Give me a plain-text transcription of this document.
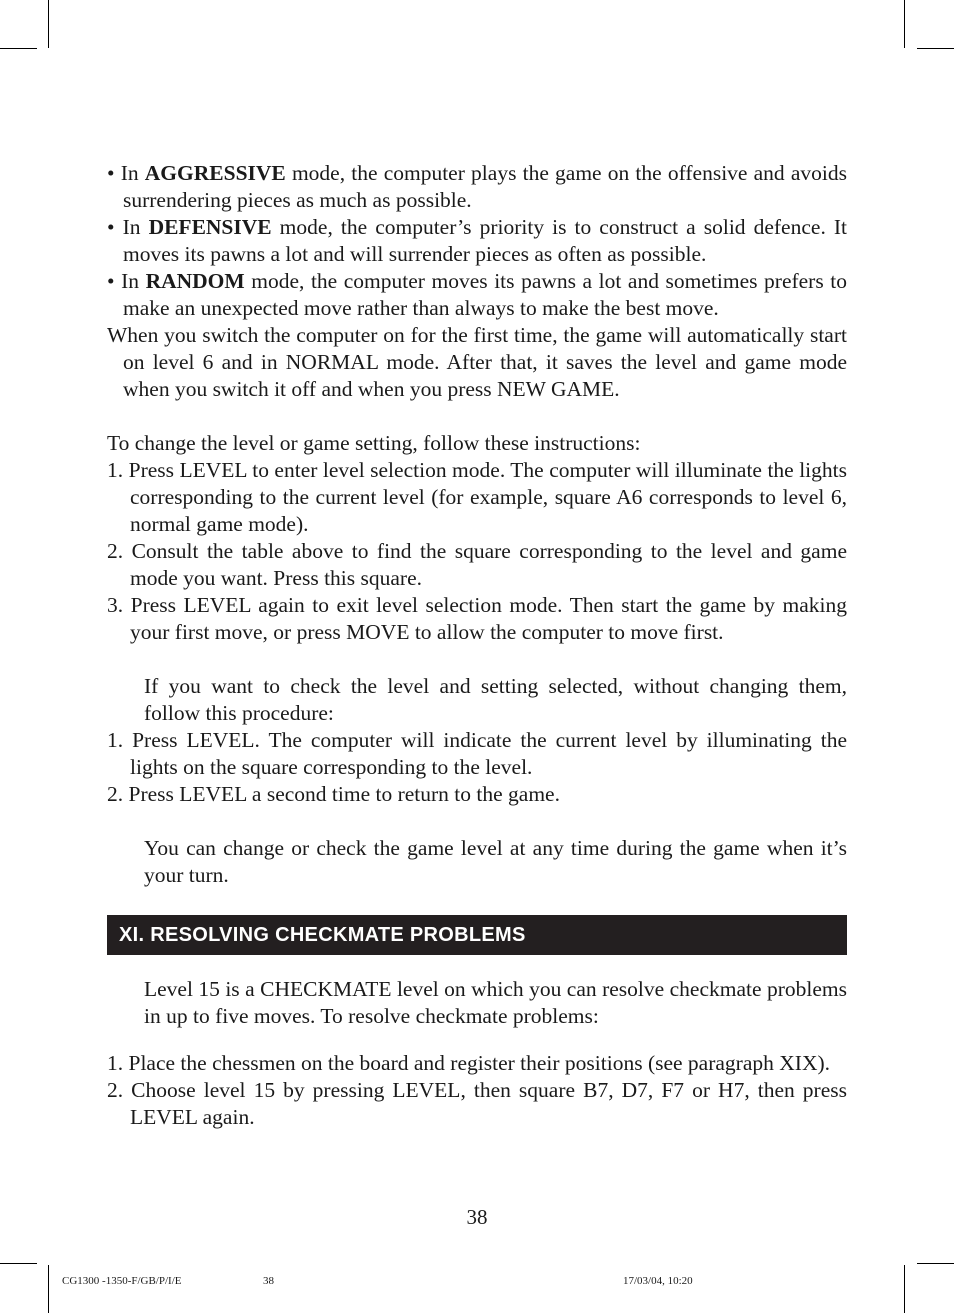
• In AGGRESSIVE mode, the computer plays the game on the offensive and avoids surrendering pieces as much as possible.

• In DEFENSIVE mode, the computer’s priority is to construct a solid defence. It moves its pawns a lot and will surrender pieces as often as possible.

• In RANDOM mode, the computer moves its pawns a lot and sometimes prefers to make an unexpected move rather than always to make the best move.

When you switch the computer on for the first time, the game will automatically start on level 6 and in NORMAL mode. After that, it saves the level and game mode when you switch it off and when you press NEW GAME.

To change the level or game setting, follow these instructions:

1. Press LEVEL to enter level selection mode. The computer will illuminate the lights corresponding to the current level (for example, square A6 corresponds to level 6, normal game mode).

2. Consult the table above to find the square corresponding to the level and game mode you want. Press this square.

3. Press LEVEL again to exit level selection mode. Then start the game by making your first move, or press MOVE to allow the computer to move first.

If you want to check the level and setting selected, without changing them, follow this procedure:

1. Press LEVEL. The computer will indicate the current level by illuminating the lights on the square corresponding to the level.

2. Press LEVEL a second time to return to the game.

You can change or check the game level at any time during the game when it’s your turn.

XI. RESOLVING CHECKMATE PROBLEMS

Level 15 is a CHECKMATE level on which you can resolve checkmate problems in up to five moves. To resolve checkmate problems:

1. Place the chessmen on the board and register their positions (see paragraph XIX).

2. Choose level 15 by pressing LEVEL, then square B7, D7, F7 or H7, then press LEVEL again.

38
CG1300 -1350-F/GB/P/I/E	38	17/03/04, 10:20
